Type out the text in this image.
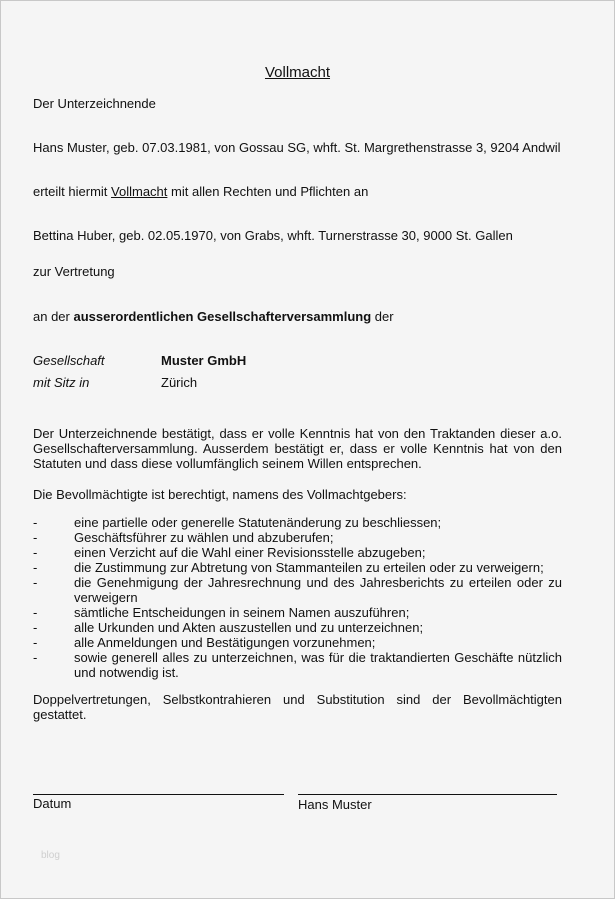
Vollmacht
Der Unterzeichnende
Hans Muster, geb. 07.03.1981, von Gossau SG, whft. St. Margrethenstrasse 3, 9204 Andwil
erteilt hiermit Vollmacht mit allen Rechten und Pflichten an
Bettina Huber, geb. 02.05.1970, von Grabs, whft. Turnerstrasse 30, 9000 St. Gallen
zur Vertretung
an der ausserordentlichen Gesellschafterversammlung der
Gesellschaft	Muster GmbH
mit Sitz in	Zürich
Der Unterzeichnende bestätigt, dass er volle Kenntnis hat von den Traktanden dieser a.o. Gesellschafterversammlung. Ausserdem bestätigt er, dass er volle Kenntnis hat von den Statuten und dass diese vollumfänglich seinem Willen entsprechen.
Die Bevollmächtigte ist berechtigt, namens des Vollmachtgebers:
-	eine partielle oder generelle Statutenänderung zu beschliessen;
-	Geschäftsführer zu wählen und abzuberufen;
-	einen Verzicht auf die Wahl einer Revisionsstelle abzugeben;
-	die Zustimmung zur Abtretung von Stammanteilen zu erteilen oder zu verweigern;
-	die Genehmigung der Jahresrechnung und des Jahresberichts zu erteilen oder zu verweigern
-	sämtliche Entscheidungen in seinem Namen auszuführen;
-	alle Urkunden und Akten auszustellen und zu unterzeichnen;
-	alle Anmeldungen und Bestätigungen vorzunehmen;
-	sowie generell alles zu unterzeichnen, was für die traktandierten Geschäfte nützlich und notwendig ist.
Doppelvertretungen, Selbstkontrahieren und Substitution sind der Bevollmächtigten gestattet.
Datum	Hans Muster
blog
